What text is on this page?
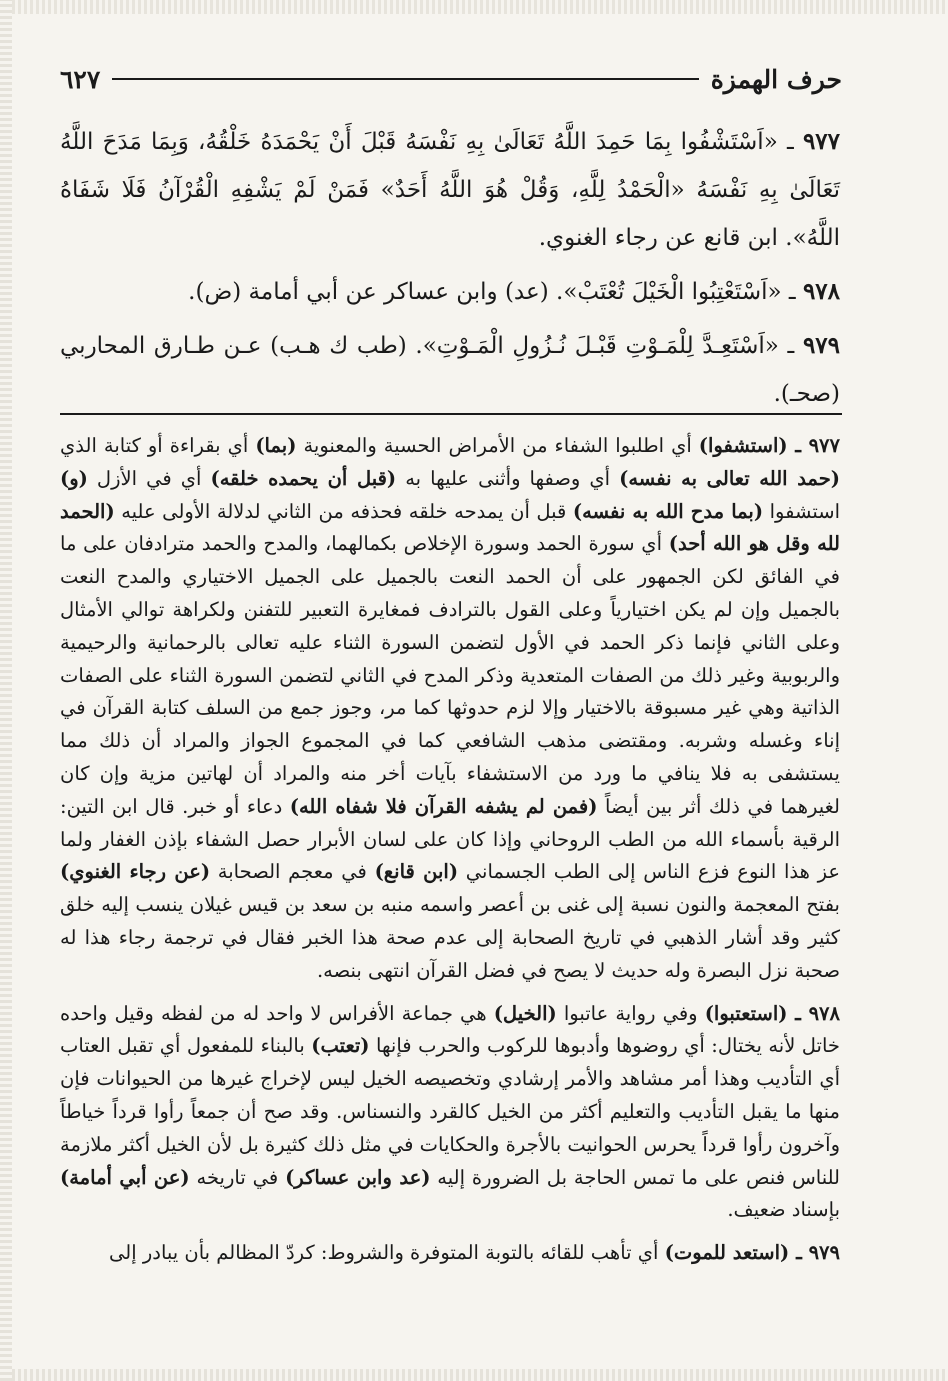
حرف الهمزة
٦٢٧

٩٧٧ ـ «اَسْتَشْفُوا بِمَا حَمِدَ اللَّهُ تَعَالَىٰ بِهِ نَفْسَهُ قَبْلَ أَنْ يَحْمَدَهُ خَلْقُهُ، وَبِمَا مَدَحَ اللَّهُ تَعَالَىٰ بِهِ نَفْسَهُ «الْحَمْدُ لِلَّهِ، وَقُلْ هُوَ اللَّهُ أَحَدٌ» فَمَنْ لَمْ يَشْفِهِ الْقُرْآنُ فَلَا شَفَاهُ اللَّهُ». ابن قانع عن رجاء الغنوي.

٩٧٨ ـ «اَسْتَعْتِبُوا الْخَيْلَ تُعْتَبْ». (عد) وابن عساكر عن أبي أمامة (ض).

٩٧٩ ـ «اَسْتَعِـدَّ لِلْمَـوْتِ قَبْـلَ نُـزُولِ الْمَـوْتِ». (طب ك هـب) عـن طـارق المحاربي (صحـ).

٩٧٧ ـ (استشفوا) أي اطلبوا الشفاء من الأمراض الحسية والمعنوية (بما) أي بقراءة أو كتابة الذي (حمد الله تعالى به نفسه) أي وصفها وأثنى عليها به (قبل أن يحمده خلقه) أي في الأزل (و) استشفوا (بما مدح الله به نفسه) قبل أن يمدحه خلقه فحذفه من الثاني لدلالة الأولى عليه (الحمد لله وقل هو الله أحد) أي سورة الحمد وسورة الإخلاص بكمالهما، والمدح والحمد مترادفان على ما في الفائق لكن الجمهور على أن الحمد النعت بالجميل على الجميل الاختياري والمدح النعت بالجميل وإن لم يكن اختيارياً وعلى القول بالترادف فمغايرة التعبير للتفنن ولكراهة توالي الأمثال وعلى الثاني فإنما ذكر الحمد في الأول لتضمن السورة الثناء عليه تعالى بالرحمانية والرحيمية والربوبية وغير ذلك من الصفات المتعدية وذكر المدح في الثاني لتضمن السورة الثناء على الصفات الذاتية وهي غير مسبوقة بالاختيار وإلا لزم حدوثها كما مر، وجوز جمع من السلف كتابة القرآن في إناء وغسله وشربه. ومقتضى مذهب الشافعي كما في المجموع الجواز والمراد أن ذلك مما يستشفى به فلا ينافي ما ورد من الاستشفاء بآيات أخر منه والمراد أن لهاتين مزية وإن كان لغيرهما في ذلك أثر بين أيضاً (فمن لم يشفه القرآن فلا شفاه الله) دعاء أو خبر. قال ابن التين: الرقية بأسماء الله من الطب الروحاني وإذا كان على لسان الأبرار حصل الشفاء بإذن الغفار ولما عز هذا النوع فزع الناس إلى الطب الجسماني (ابن قانع) في معجم الصحابة (عن رجاء الغنوي) بفتح المعجمة والنون نسبة إلى غنى بن أعصر واسمه منبه بن سعد بن قيس غيلان ينسب إليه خلق كثير وقد أشار الذهبي في تاريخ الصحابة إلى عدم صحة هذا الخبر فقال في ترجمة رجاء هذا له صحبة نزل البصرة وله حديث لا يصح في فضل القرآن انتهى بنصه.

٩٧٨ ـ (استعتبوا) وفي رواية عاتبوا (الخيل) هي جماعة الأفراس لا واحد له من لفظه وقيل واحده خاتل لأنه يختال: أي روضوها وأدبوها للركوب والحرب فإنها (تعتب) بالبناء للمفعول أي تقبل العتاب أي التأديب وهذا أمر مشاهد والأمر إرشادي وتخصيصه الخيل ليس لإخراج غيرها من الحيوانات فإن منها ما يقبل التأديب والتعليم أكثر من الخيل كالقرد والنسناس. وقد صح أن جمعاً رأوا قرداً خياطاً وآخرون رأوا قرداً يحرس الحوانيت بالأجرة والحكايات في مثل ذلك كثيرة بل لأن الخيل أكثر ملازمة للناس فنص على ما تمس الحاجة بل الضرورة إليه (عد وابن عساكر) في تاريخه (عن أبي أمامة) بإسناد ضعيف.

٩٧٩ ـ (استعد للموت) أي تأهب للقائه بالتوبة المتوفرة والشروط: كردّ المظالم بأن يبادر إلى
